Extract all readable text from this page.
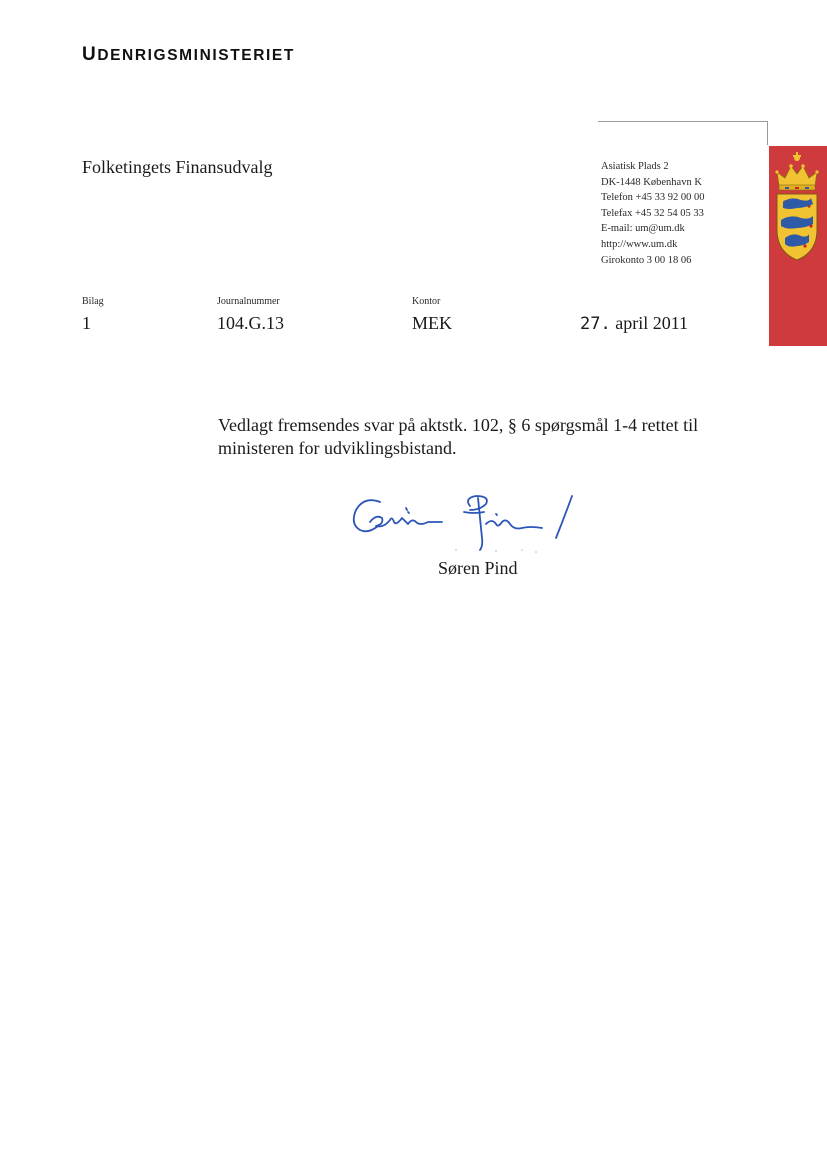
UDENRIGSMINISTERIET
Folketingets Finansudvalg	Asiatisk Plads 2
DK-1448 København K
Telefon +45 33 92 00 00
Telefax +45 32 54 05 33
E-mail: um@um.dk
http://www.um.dk
Girokonto 3 00 18 06
Bilag
1
Journalnummer
104.G.13
Kontor
MEK	27. april 2011
Vedlagt fremsendes svar på aktstk. 102, § 6 spørgsmål 1-4 rettet til ministeren for udviklingsbistand.
Søren Pind
